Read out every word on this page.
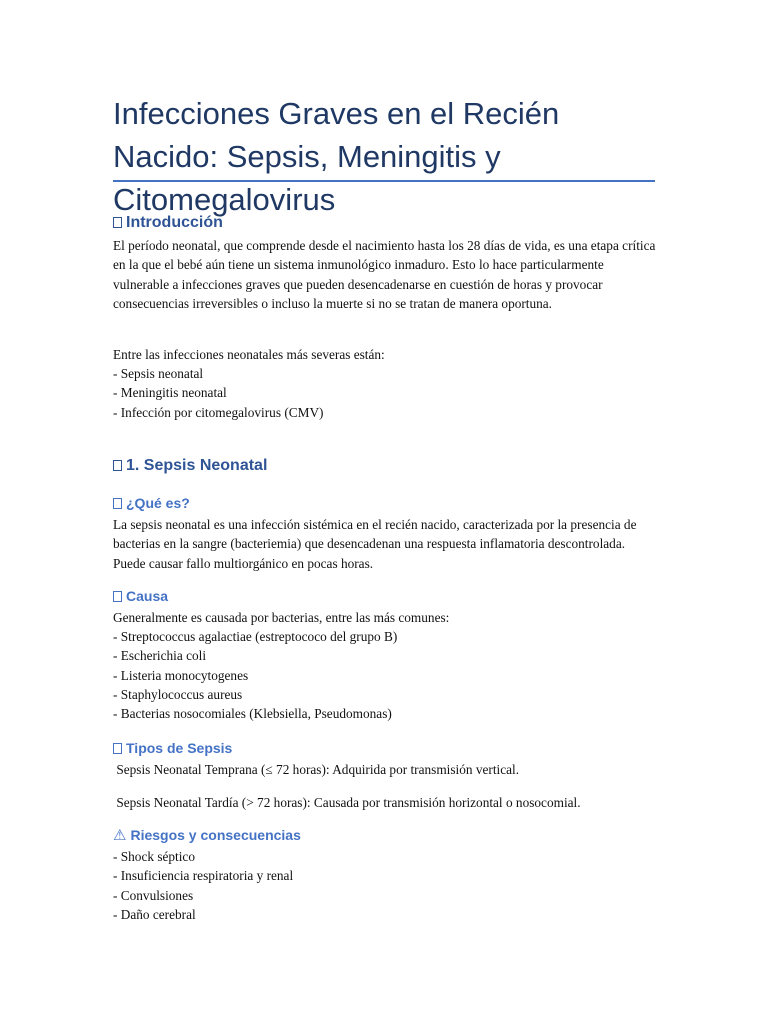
Infecciones Graves en el Recién Nacido: Sepsis, Meningitis y Citomegalovirus
Introducción

El período neonatal, que comprende desde el nacimiento hasta los 28 días de vida, es una etapa crítica en la que el bebé aún tiene un sistema inmunológico inmaduro. Esto lo hace particularmente vulnerable a infecciones graves que pueden desencadenarse en cuestión de horas y provocar consecuencias irreversibles o incluso la muerte si no se tratan de manera oportuna.

Entre las infecciones neonatales más severas están:

- Sepsis neonatal
- Meningitis neonatal
- Infección por citomegalovirus (CMV)
1. Sepsis Neonatal
¿Qué es?

La sepsis neonatal es una infección sistémica en el recién nacido, caracterizada por la presencia de bacterias en la sangre (bacteriemia) que desencadenan una respuesta inflamatoria descontrolada. Puede causar fallo multiorgánico en pocas horas.

Causa

Generalmente es causada por bacterias, entre las más comunes:

- Streptococcus agalactiae (estreptococo del grupo B)
- Escherichia coli
- Listeria monocytogenes
- Staphylococcus aureus
- Bacterias nosocomiales (Klebsiella, Pseudomonas)
Tipos de Sepsis

Sepsis Neonatal Temprana (≤ 72 horas): Adquirida por transmisión vertical.

Sepsis Neonatal Tardía (> 72 horas): Causada por transmisión horizontal o nosocomial.

⚠ Riesgos y consecuencias
- Shock séptico
- Insuficiencia respiratoria y renal
- Convulsiones
- Daño cerebral
